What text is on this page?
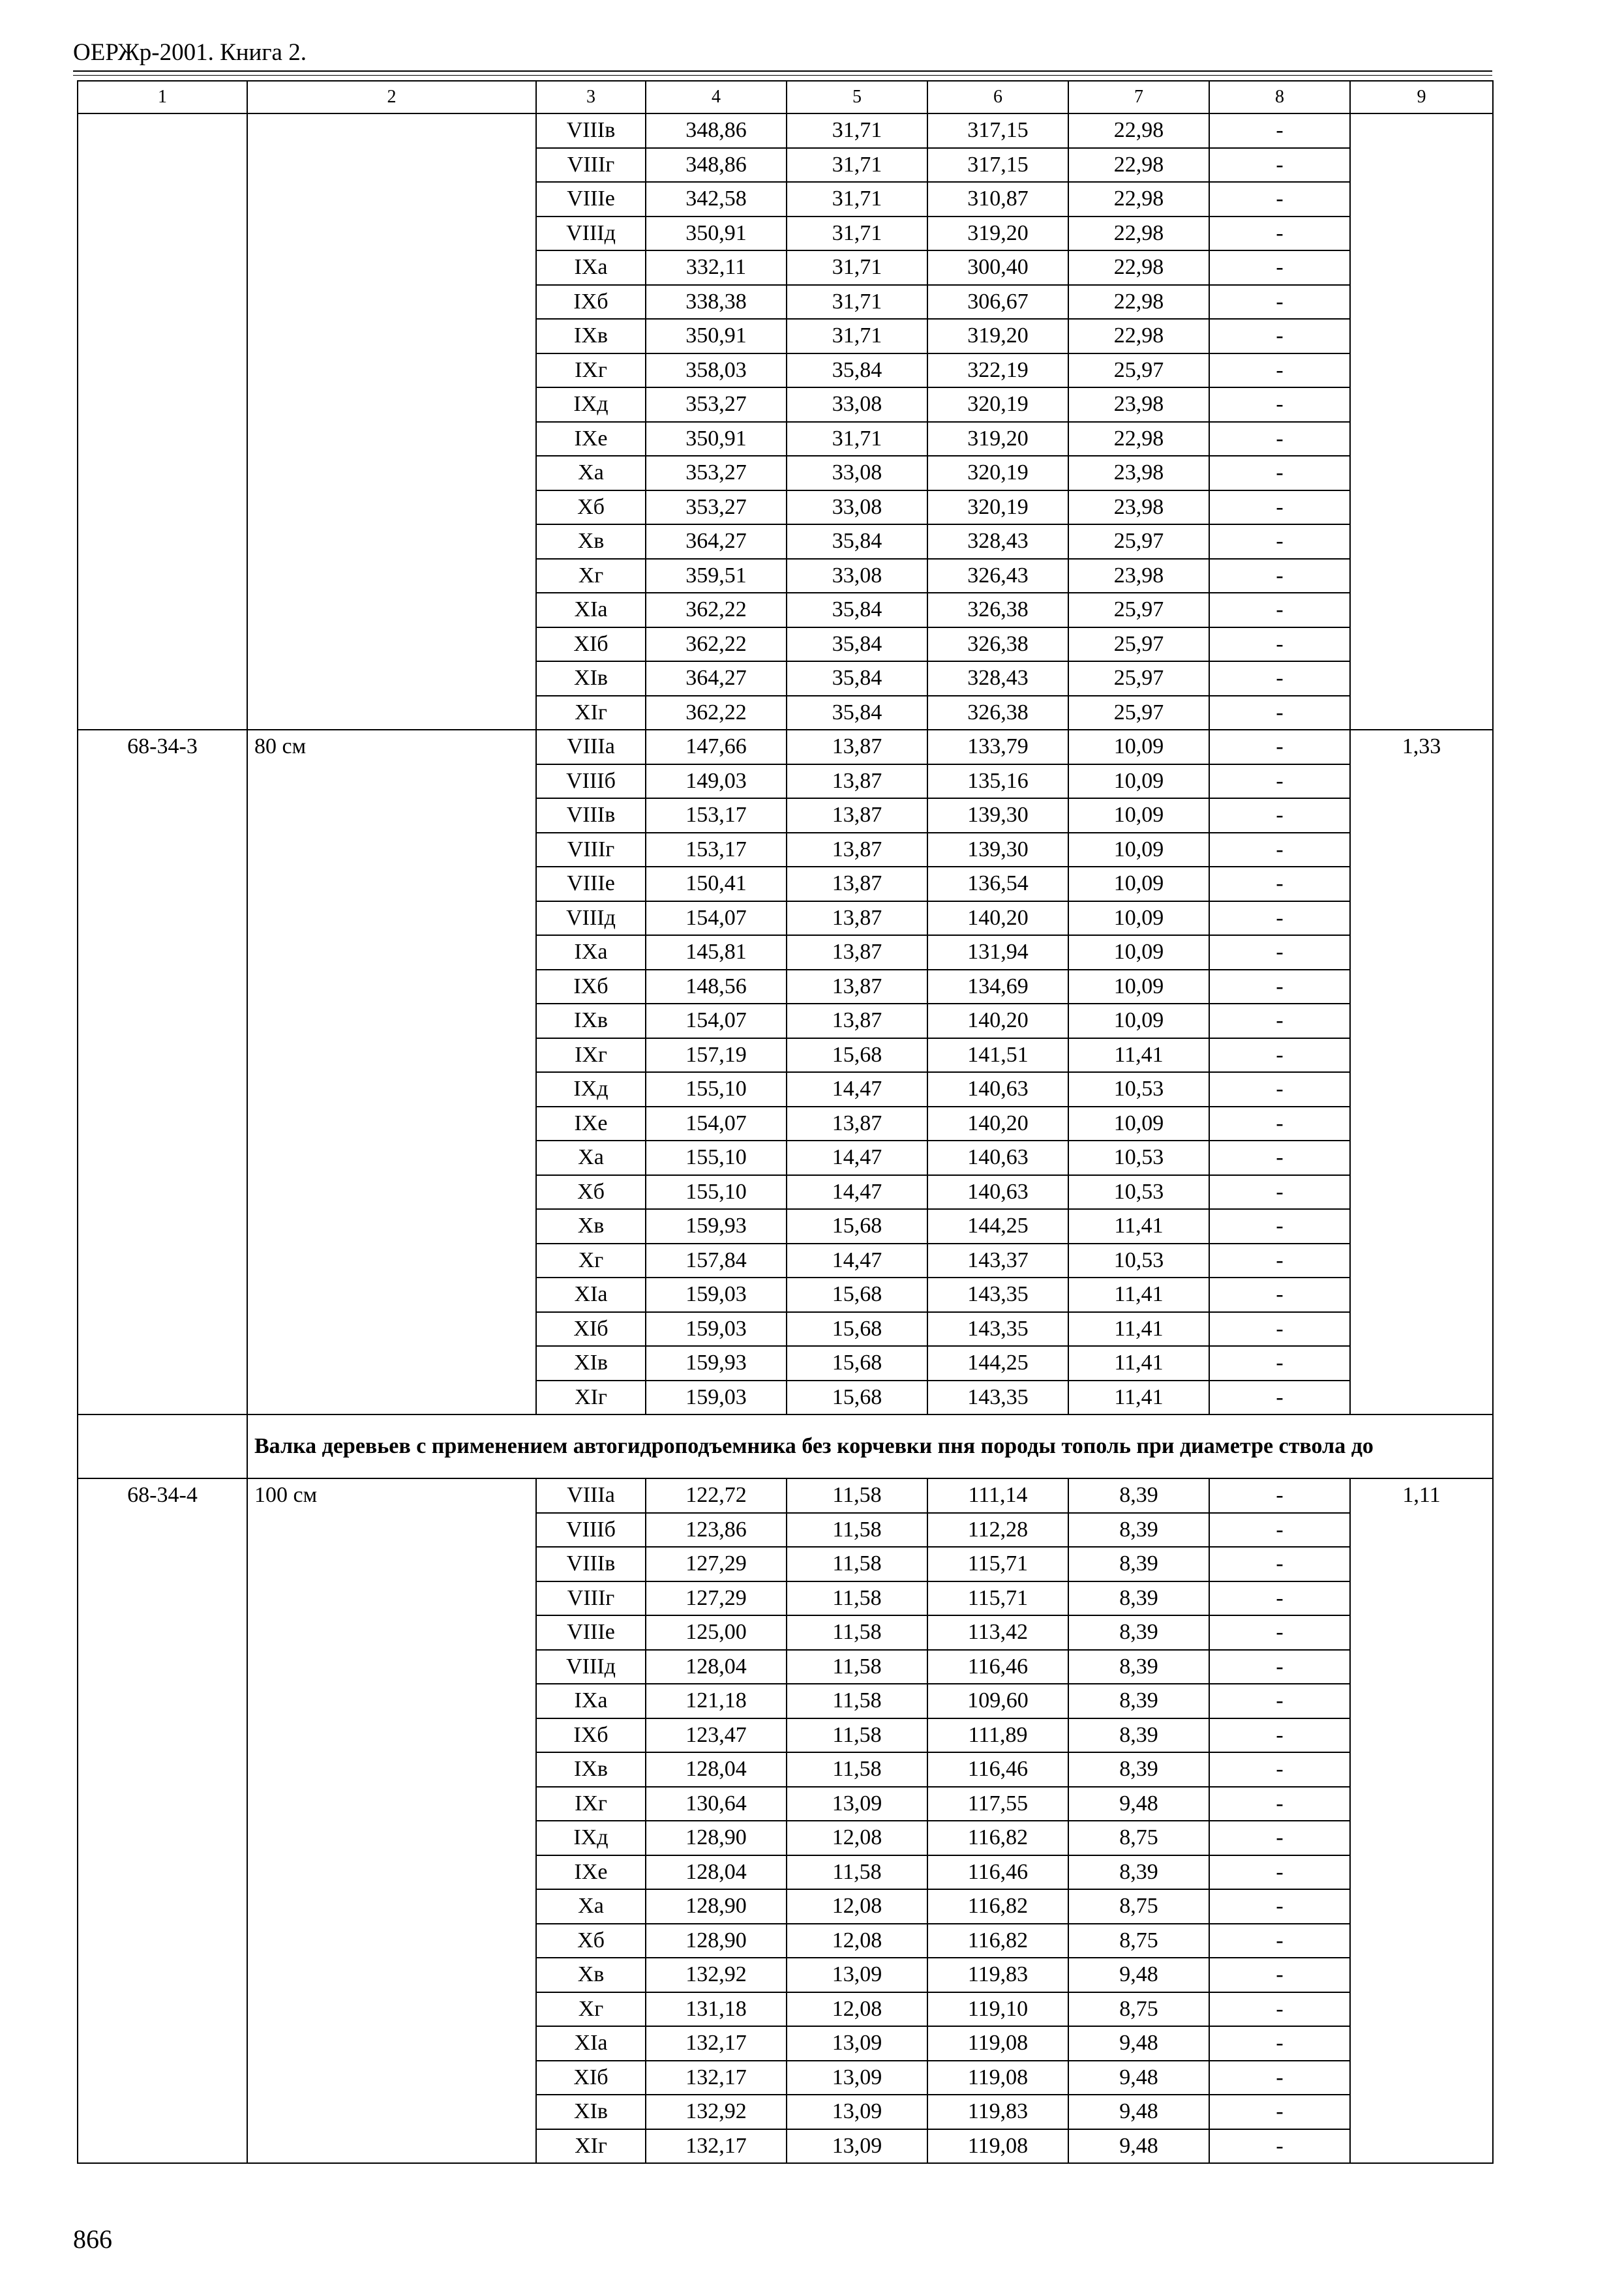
ОЕРЖр-2001. Книга 2.
1	2	3	4	5	6	7	8	9
		VIIIв	348,86	31,71	317,15	22,98	-	
		VIIIг	348,86	31,71	317,15	22,98	-	
		VIIIе	342,58	31,71	310,87	22,98	-	
		VIIIд	350,91	31,71	319,20	22,98	-	
		IXа	332,11	31,71	300,40	22,98	-	
		IXб	338,38	31,71	306,67	22,98	-	
		IXв	350,91	31,71	319,20	22,98	-	
		IXг	358,03	35,84	322,19	25,97	-	
		IXд	353,27	33,08	320,19	23,98	-	
		IXе	350,91	31,71	319,20	22,98	-	
		Xа	353,27	33,08	320,19	23,98	-	
		Xб	353,27	33,08	320,19	23,98	-	
		Xв	364,27	35,84	328,43	25,97	-	
		Xг	359,51	33,08	326,43	23,98	-	
		XIа	362,22	35,84	326,38	25,97	-	
		XIб	362,22	35,84	326,38	25,97	-	
		XIв	364,27	35,84	328,43	25,97	-	
		XIг	362,22	35,84	326,38	25,97	-	
68-34-3	80 см	VIIIа	147,66	13,87	133,79	10,09	-	1,33
		VIIIб	149,03	13,87	135,16	10,09	-	
		VIIIв	153,17	13,87	139,30	10,09	-	
		VIIIг	153,17	13,87	139,30	10,09	-	
		VIIIе	150,41	13,87	136,54	10,09	-	
		VIIIд	154,07	13,87	140,20	10,09	-	
		IXа	145,81	13,87	131,94	10,09	-	
		IXб	148,56	13,87	134,69	10,09	-	
		IXв	154,07	13,87	140,20	10,09	-	
		IXг	157,19	15,68	141,51	11,41	-	
		IXд	155,10	14,47	140,63	10,53	-	
		IXе	154,07	13,87	140,20	10,09	-	
		Xа	155,10	14,47	140,63	10,53	-	
		Xб	155,10	14,47	140,63	10,53	-	
		Xв	159,93	15,68	144,25	11,41	-	
		Xг	157,84	14,47	143,37	10,53	-	
		XIа	159,03	15,68	143,35	11,41	-	
		XIб	159,03	15,68	143,35	11,41	-	
		XIв	159,93	15,68	144,25	11,41	-	
		XIг	159,03	15,68	143,35	11,41	-	
	Валка деревьев с применением автогидроподъемника без корчевки пня породы тополь при диаметре ствола до							
68-34-4	100 см	VIIIа	122,72	11,58	111,14	8,39	-	1,11
		VIIIб	123,86	11,58	112,28	8,39	-	
		VIIIв	127,29	11,58	115,71	8,39	-	
		VIIIг	127,29	11,58	115,71	8,39	-	
		VIIIе	125,00	11,58	113,42	8,39	-	
		VIIIд	128,04	11,58	116,46	8,39	-	
		IXа	121,18	11,58	109,60	8,39	-	
		IXб	123,47	11,58	111,89	8,39	-	
		IXв	128,04	11,58	116,46	8,39	-	
		IXг	130,64	13,09	117,55	9,48	-	
		IXд	128,90	12,08	116,82	8,75	-	
		IXе	128,04	11,58	116,46	8,39	-	
		Xа	128,90	12,08	116,82	8,75	-	
		Xб	128,90	12,08	116,82	8,75	-	
		Xв	132,92	13,09	119,83	9,48	-	
		Xг	131,18	12,08	119,10	8,75	-	
		XIа	132,17	13,09	119,08	9,48	-	
		XIб	132,17	13,09	119,08	9,48	-	
		XIв	132,92	13,09	119,83	9,48	-	
		XIг	132,17	13,09	119,08	9,48	-	
866
